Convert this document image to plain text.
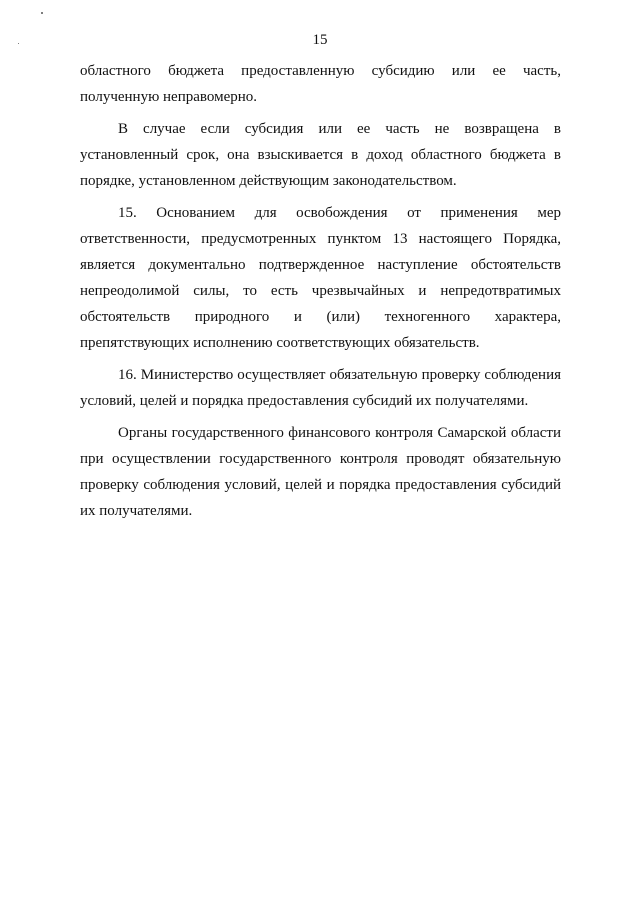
15

областного бюджета предоставленную субсидию или ее часть, полученную неправомерно.

В случае если субсидия или ее часть не возвращена в установленный срок, она взыскивается в доход областного бюджета в порядке, установленном действующим законодательством.

15. Основанием для освобождения от применения мер ответственности, предусмотренных пунктом 13 настоящего Порядка, является документально подтвержденное наступление обстоятельств непреодолимой силы, то есть чрезвычайных и непредотвратимых обстоятельств природного и (или) техногенного характера, препятствующих исполнению соответствующих обязательств.

16. Министерство осуществляет обязательную проверку соблюдения условий, целей и порядка предоставления субсидий их получателями.

Органы государственного финансового контроля Самарской области при осуществлении государственного контроля проводят обязательную проверку соблюдения условий, целей и порядка предоставления субсидий их получателями.
